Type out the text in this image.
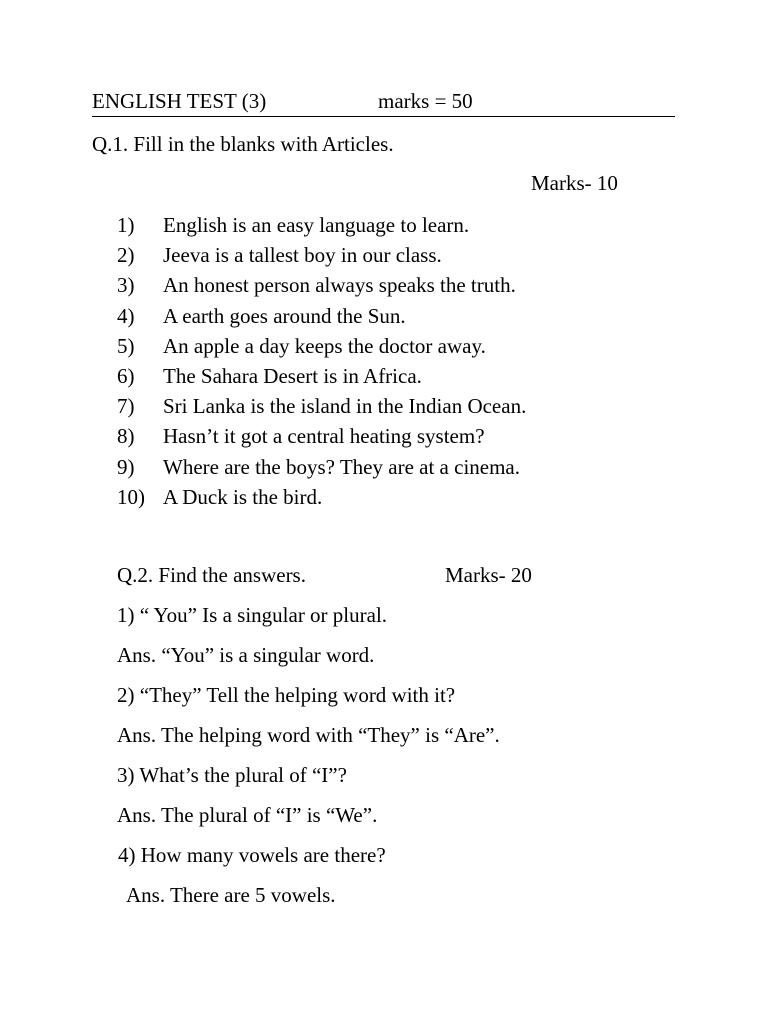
ENGLISH TEST (3)	marks = 50
Q.1. Fill in the blanks with Articles.
Marks- 10
1) English is an easy language to learn.
2) Jeeva is a tallest boy in our class.
3) An honest person always speaks the truth.
4) A earth goes around the Sun.
5) An apple a day keeps the doctor away.
6) The Sahara Desert is in Africa.
7) Sri Lanka is the island in the Indian Ocean.
8) Hasn’t it got a central heating system?
9) Where are the boys? They are at a cinema.
10) A Duck is the bird.
Q.2. Find the answers.	Marks- 20
1) “ You” Is a singular or plural.
Ans. “You” is a singular word.
2) “They” Tell the helping word with it?
Ans. The helping word with “They” is “Are”.
3) What’s the plural of “I”?
Ans. The plural of “I” is “We”.
4) How many vowels are there?
Ans. There are 5 vowels.
